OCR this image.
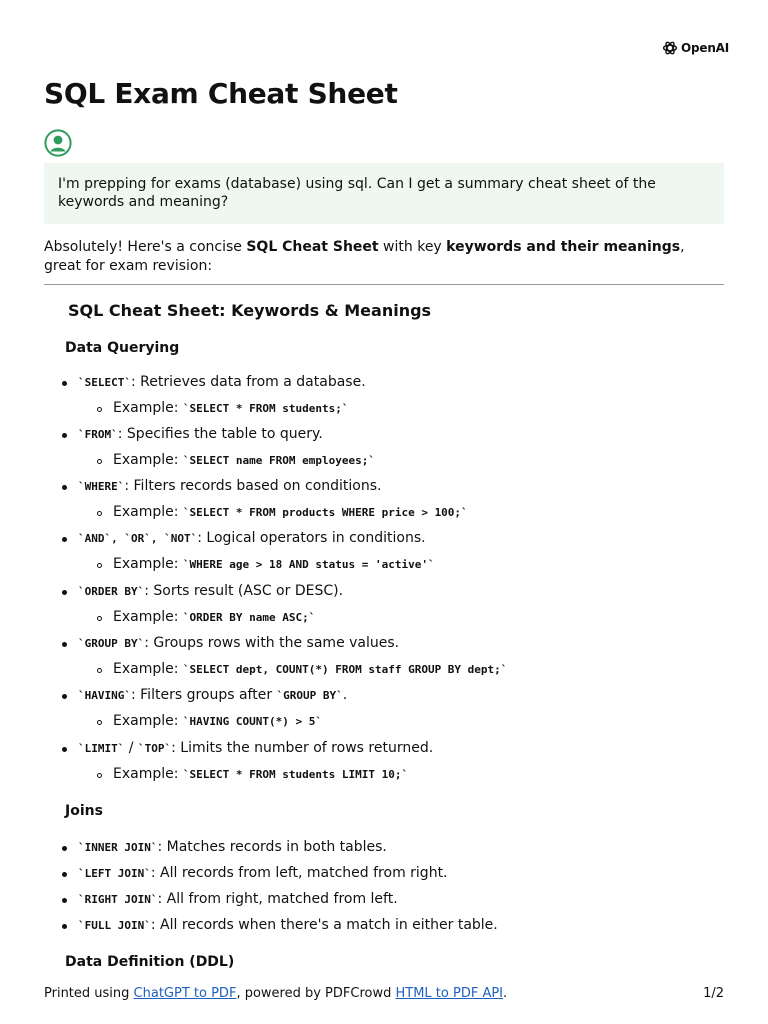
OpenAI
SQL Exam Cheat Sheet
I'm prepping for exams (database) using sql. Can I get a summary cheat sheet of the keywords and meaning?
Absolutely! Here's a concise SQL Cheat Sheet with key keywords and their meanings, great for exam revision:
SQL Cheat Sheet: Keywords & Meanings
Data Querying
`SELECT`: Retrieves data from a database.
Example: `SELECT * FROM students;`
`FROM`: Specifies the table to query.
Example: `SELECT name FROM employees;`
`WHERE`: Filters records based on conditions.
Example: `SELECT * FROM products WHERE price > 100;`
`AND`, `OR`, `NOT`: Logical operators in conditions.
Example: `WHERE age > 18 AND status = 'active'`
`ORDER BY`: Sorts result (ASC or DESC).
Example: `ORDER BY name ASC;`
`GROUP BY`: Groups rows with the same values.
Example: `SELECT dept, COUNT(*) FROM staff GROUP BY dept;`
`HAVING`: Filters groups after `GROUP BY`.
Example: `HAVING COUNT(*) > 5`
`LIMIT` / `TOP`: Limits the number of rows returned.
Example: `SELECT * FROM students LIMIT 10;`
Joins
`INNER JOIN`: Matches records in both tables.
`LEFT JOIN`: All records from left, matched from right.
`RIGHT JOIN`: All from right, matched from left.
`FULL JOIN`: All records when there's a match in either table.
Data Definition (DDL)
Printed using ChatGPT to PDF, powered by PDFCrowd HTML to PDF API.	1/2
